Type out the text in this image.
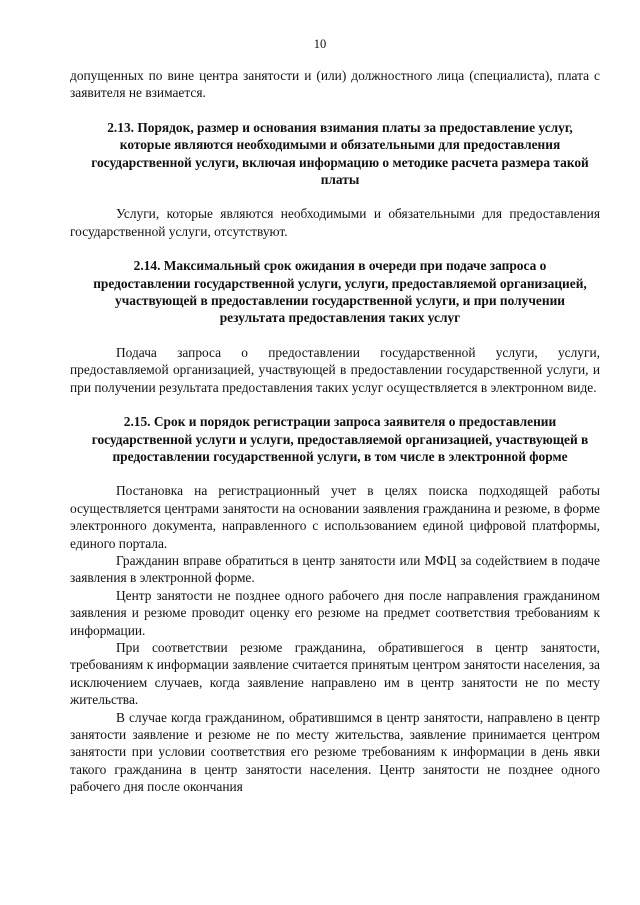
10

допущенных по вине центра занятости и (или) должностного лица (специалиста), плата с заявителя не взимается.

2.13. Порядок, размер и основания взимания платы за предоставление услуг, которые являются необходимыми и обязательными для предоставления государственной услуги, включая информацию о методике расчета размера такой платы

Услуги, которые являются необходимыми и обязательными для предоставления государственной услуги, отсутствуют.

2.14. Максимальный срок ожидания в очереди при подаче запроса о предоставлении государственной услуги, услуги, предоставляемой организацией, участвующей в предоставлении государственной услуги, и при получении результата предоставления таких услуг

Подача запроса о предоставлении государственной услуги, услуги, предоставляемой организацией, участвующей в предоставлении государственной услуги, и при получении результата предоставления таких услуг осуществляется в электронном виде.

2.15. Срок и порядок регистрации запроса заявителя о предоставлении государственной услуги и услуги, предоставляемой организацией, участвующей в предоставлении государственной услуги, в том числе в электронной форме

Постановка на регистрационный учет в целях поиска подходящей работы осуществляется центрами занятости на основании заявления гражданина и резюме, в форме электронного документа, направленного с использованием единой цифровой платформы, единого портала.

Гражданин вправе обратиться в центр занятости или МФЦ за содействием в подаче заявления в электронной форме.

Центр занятости не позднее одного рабочего дня после направления гражданином заявления и резюме проводит оценку его резюме на предмет соответствия требованиям к информации.

При соответствии резюме гражданина, обратившегося в центр занятости, требованиям к информации заявление считается принятым центром занятости населения, за исключением случаев, когда заявление направлено им в центр занятости не по месту жительства.

В случае когда гражданином, обратившимся в центр занятости, направлено в центр занятости заявление и резюме не по месту жительства, заявление принимается центром занятости при условии соответствия его резюме требованиям к информации в день явки такого гражданина в центр занятости населения. Центр занятости не позднее одного рабочего дня после окончания
